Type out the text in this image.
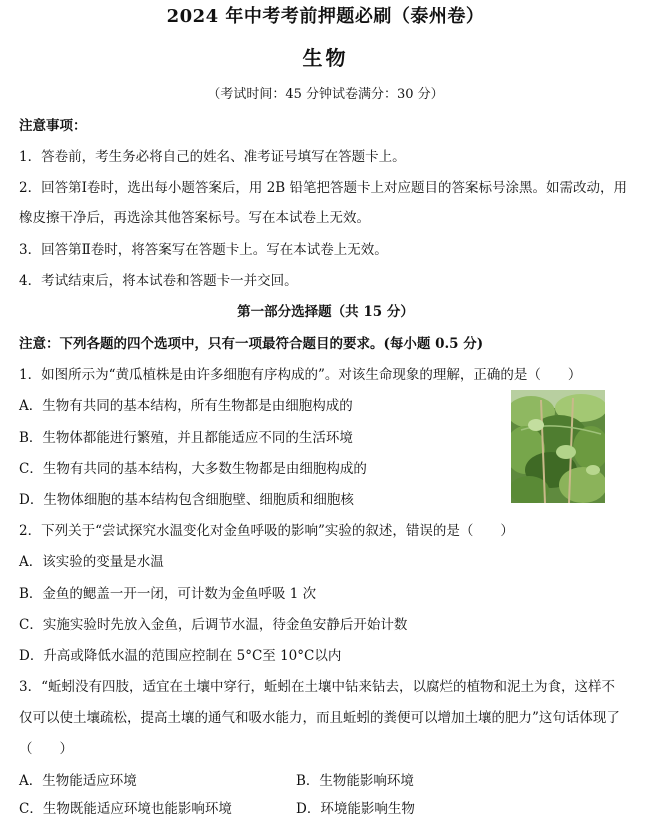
2024 年中考考前押题必刷（泰州卷）
生物
（考试时间：45 分钟试卷满分：30 分）
注意事项：
1．答卷前，考生务必将自己的姓名、准考证号填写在答题卡上。
2．回答第Ⅰ卷时，选出每小题答案后，用 2B 铅笔把答题卡上对应题目的答案标号涂黑。如需改动，用
橡皮擦干净后，再选涂其他答案标号。写在本试卷上无效。
3．回答第Ⅱ卷时，将答案写在答题卡上。写在本试卷上无效。
4．考试结束后，将本试卷和答题卡一并交回。
第一部分选择题（共 15 分）
注意：下列各题的四个选项中，只有一项最符合题目的要求。(每小题 0.5 分)
1．如图所示为“黄瓜植株是由许多细胞有序构成的”。对该生命现象的理解，正确的是（　　）
A．生物有共同的基本结构，所有生物都是由细胞构成的
B．生物体都能进行繁殖，并且都能适应不同的生活环境
C．生物有共同的基本结构，大多数生物都是由细胞构成的
D．生物体细胞的基本结构包含细胞壁、细胞质和细胞核
2．下列关于“尝试探究水温变化对金鱼呼吸的影响”实验的叙述，错误的是（　　）
A．该实验的变量是水温
B．金鱼的鳃盖一开一闭，可计数为金鱼呼吸 1 次
C．实施实验时先放入金鱼，后调节水温，待金鱼安静后开始计数
D．升高或降低水温的范围应控制在 5°C至 10°C以内
3．“蚯蚓没有四肢，适宜在土壤中穿行，蚯蚓在土壤中钻来钻去，以腐烂的植物和泥土为食，这样不
仅可以使土壤疏松，提高土壤的通气和吸水能力，而且蚯蚓的粪便可以增加土壤的肥力”这句话体现了
（　　）
A．生物能适应环境	B．生物能影响环境
C．生物既能适应环境也能影响环境	D．环境能影响生物
